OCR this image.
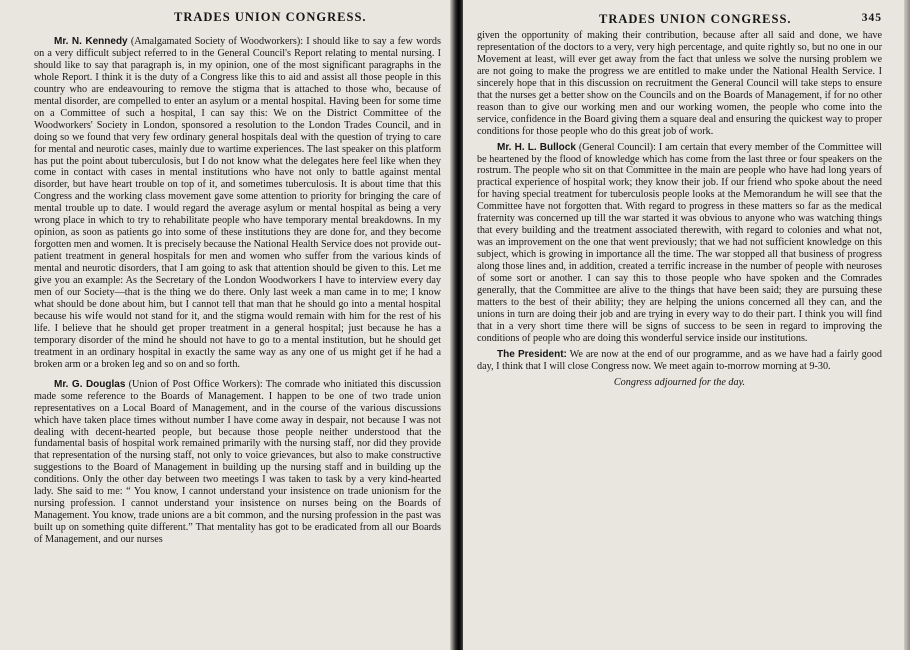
TRADES UNION CONGRESS.

Mr. N. Kennedy (Amalgamated Society of Woodworkers): I should like to say a few words on a very difficult subject referred to in the General Council's Report relating to mental nursing. I should like to say that paragraph is, in my opinion, one of the most significant paragraphs in the whole Report. I think it is the duty of a Congress like this to aid and assist all those people in this country who are endeavouring to remove the stigma that is attached to those who, because of mental disorder, are compelled to enter an asylum or a mental hospital. Having been for some time on a Committee of such a hospital, I can say this: We on the District Committee of the Woodworkers' Society in London, sponsored a resolution to the London Trades Council, and in doing so we found that very few ordinary general hospitals deal with the question of trying to care for mental and neurotic cases, mainly due to wartime experiences. The last speaker on this platform has put the point about tuberculosis, but I do not know what the delegates here feel like when they come in contact with cases in mental institutions who have not only to battle against mental disorder, but have heart trouble on top of it, and sometimes tuberculosis. It is about time that this Congress and the working class movement gave some attention to priority for bringing the care of mental trouble up to date. I would regard the average asylum or mental hospital as being a very wrong place in which to try to rehabilitate people who have temporary mental breakdowns. In my opinion, as soon as patients go into some of these institutions they are done for, and they become forgotten men and women. It is precisely because the National Health Service does not provide out-patient treatment in general hospitals for men and women who suffer from the various kinds of mental and neurotic disorders, that I am going to ask that attention should be given to this. Let me give you an example: As the Secretary of the London Woodworkers I have to interview every day men of our Society—that is the thing we do there. Only last week a man came in to me; I know what should be done about him, but I cannot tell that man that he should go into a mental hospital because his wife would not stand for it, and the stigma would remain with him for the rest of his life. I believe that he should get proper treatment in a general hospital; just because he has a temporary disorder of the mind he should not have to go to a mental institution, but he should get treatment in an ordinary hospital in exactly the same way as any one of us might get if he had a broken arm or a broken leg and so on and so forth.

Mr. G. Douglas (Union of Post Office Workers): The comrade who initiated this discussion made some reference to the Boards of Management. I happen to be one of two trade union representatives on a Local Board of Management, and in the course of the various discussions which have taken place times without number I have come away in despair, not because I was not dealing with decent-hearted people, but because those people neither understood that the fundamental basis of hospital work remained primarily with the nursing staff, nor did they provide that representation of the nursing staff, not only to voice grievances, but also to make constructive suggestions to the Board of Management in building up the nursing staff and in building up the conditions. Only the other day between two meetings I was taken to task by a very kind-hearted lady. She said to me: “ You know, I cannot understand your insistence on trade unionism for the nursing profession. I cannot understand your insistence on nurses being on the Boards of Management. You know, trade unions are a bit common, and the nursing profession in the past was built up on something quite different.” That mentality has got to be eradicated from all our Boards of Management, and our nurses

TRADES UNION CONGRESS.	345

given the opportunity of making their contribution, because after all said and done, we have representation of the doctors to a very, very high percentage, and quite rightly so, but no one in our Movement at least, will ever get away from the fact that unless we solve the nursing problem we are not going to make the progress we are entitled to make under the National Health Service. I sincerely hope that in this discussion on recruitment the General Council will take steps to ensure that the nurses get a better show on the Councils and on the Boards of Management, if for no other reason than to give our working men and our working women, the people who come into the service, confidence in the Board giving them a square deal and ensuring the quickest way to proper conditions for those people who do this great job of work.

Mr. H. L. Bullock (General Council): I am certain that every member of the Committee will be heartened by the flood of knowledge which has come from the last three or four speakers on the rostrum. The people who sit on that Committee in the main are people who have had long years of practical experience of hospital work; they know their job. If our friend who spoke about the need for having special treatment for tuberculosis people looks at the Memorandum he will see that the Committee have not forgotten that. With regard to progress in these matters so far as the medical fraternity was concerned up till the war started it was obvious to anyone who was watching things that every building and the treatment associated therewith, with regard to colonies and what not, was an improvement on the one that went previously; that we had not sufficient knowledge on this subject, which is growing in importance all the time. The war stopped all that business of progress along those lines and, in addition, created a terrific increase in the number of people with neuroses of some sort or another. I can say this to those people who have spoken and the Comrades generally, that the Committee are alive to the things that have been said; they are pursuing these matters to the best of their ability; they are helping the unions concerned all they can, and the unions in turn are doing their job and are trying in every way to do their part. I think you will find that in a very short time there will be signs of success to be seen in regard to improving the conditions of people who are doing this wonderful service inside our institutions.

The President: We are now at the end of our programme, and as we have had a fairly good day, I think that I will close Congress now. We meet again to-morrow morning at 9-30.

Congress adjourned for the day.
